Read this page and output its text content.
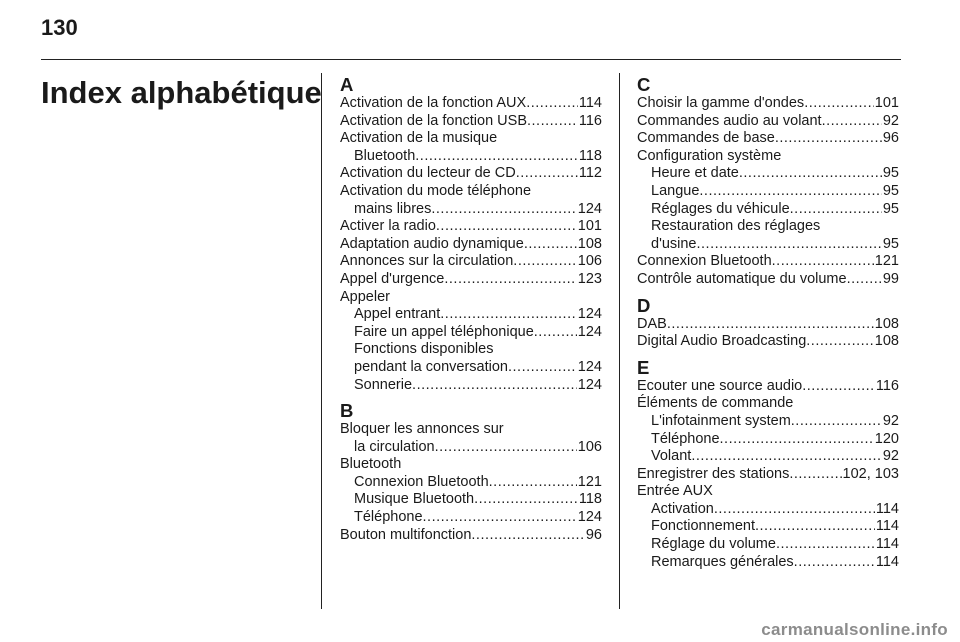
130
Index alphabétique A
Activation de la fonction AUX .....	114
Activation de la fonction USB .....	116
Activation de la musique
Bluetooth .....	118
Activation du lecteur de CD .....	112
Activation du mode téléphone
mains libres .....	124
Activer la radio .....	101
Adaptation audio dynamique .....	108
Annonces sur la circulation .....	106
Appel d'urgence .....	123
Appeler
Appel entrant .....	124
Faire un appel téléphonique .....	124
Fonctions disponibles
pendant la conversation .....	124
Sonnerie .....	124
B
Bloquer les annonces sur
la circulation .....	106
Bluetooth
Connexion Bluetooth .....	121
Musique Bluetooth .....	118
Téléphone .....	124
Bouton multifonction .....	96
C
Choisir la gamme d'ondes .....	101
Commandes audio au volant .....	92
Commandes de base .....	96
Configuration système
Heure et date .....	95
Langue .....	95
Réglages du véhicule .....	95
Restauration des réglages
d'usine .....	95
Connexion Bluetooth .....	121
Contrôle automatique du volume .....	99
D
DAB .....	108
Digital Audio Broadcasting .....	108
E
Ecouter une source audio .....	116
Éléments de commande
L'infotainment system .....	92
Téléphone .....	120
Volant .....	92
Enregistrer des stations .....	102, 103
Entrée AUX
Activation .....	114
Fonctionnement .....	114
Réglage du volume .....	114
Remarques générales .....	114
carmanualsonline.info
